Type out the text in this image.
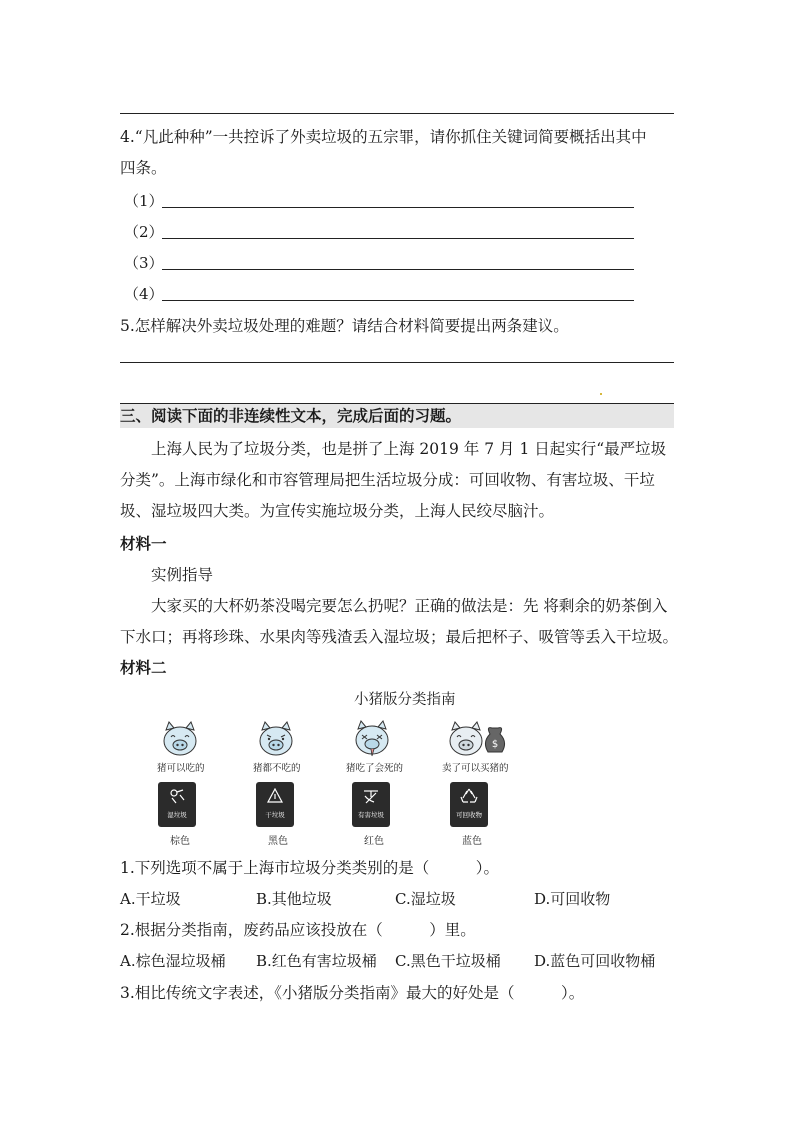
4.“凡此种种”一共控诉了外卖垃圾的五宗罪，请你抓住关键词简要概括出其中
四条。
（1）
（2）
（3）
（4）
5.怎样解决外卖垃圾处理的难题？请结合材料简要提出两条建议。
三、阅读下面的非连续性文本，完成后面的习题。
上海人民为了垃圾分类，也是拼了上海 2019 年 7 月 1 日起实行“最严垃圾
分类”。上海市绿化和市容管理局把生活垃圾分成：可回收物、有害垃圾、干垃
圾、湿垃圾四大类。为宣传实施垃圾分类，上海人民绞尽脑汁。
材料一
实例指导
大家买的大杯奶茶没喝完要怎么扔呢？正确的做法是：先 将剩余的奶茶倒入
下水口；再将珍珠、水果肉等残渣丢入湿垃圾；最后把杯子、吸管等丢入干垃圾。
材料二
小猪版分类指南
$
猪可以吃的	猪都不吃的	猪吃了会死的	卖了可以买猪的
湿垃圾	干垃圾	有害垃圾	可回收物
棕色	黑色	红色	蓝色
1.下列选项不属于上海市垃圾分类类别的是（　　　）。
A.干垃圾	B.其他垃圾	C.湿垃圾	D.可回收物
2.根据分类指南，废药品应该投放在（　　　）里。
A.棕色湿垃圾桶 B.红色有害垃圾桶 C.黑色干垃圾桶 D.蓝色可回收物桶
3.相比传统文字表述，《小猪版分类指南》最大的好处是（　　　）。
